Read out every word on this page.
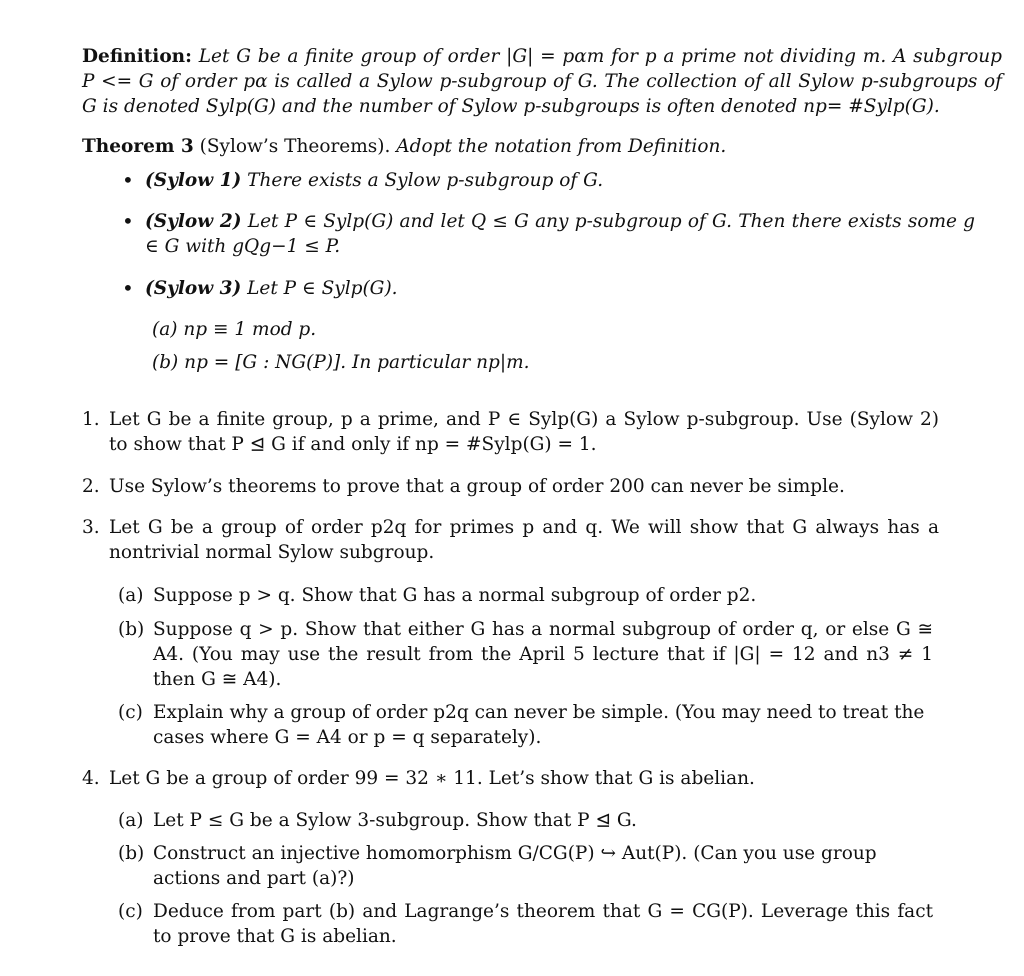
Definition: Let G be a finite group of order |G| = pαm for p a prime not dividing m. A subgroup P <= G of order pα is called a Sylow p-subgroup of G. The collection of all Sylow p-subgroups of G is denoted Sylp(G) and the number of Sylow p-subgroups is often denoted np= #Sylp(G).
Theorem 3 (Sylow’s Theorems). Adopt the notation from Definition.
• (Sylow 1) There exists a Sylow p-subgroup of G.
• (Sylow 2) Let P ∈ Sylp(G) and let Q ≤ G any p-subgroup of G. Then there exists some g ∈ G with gQg−1 ≤ P.
• (Sylow 3) Let P ∈ Sylp(G).
(a) np ≡ 1 mod p.
(b) np = [G : NG(P)]. In particular np|m.
1. Let G be a finite group, p a prime, and P ∈ Sylp(G) a Sylow p-subgroup. Use (Sylow 2) to show that P ⊴ G if and only if np = #Sylp(G) = 1.
2. Use Sylow’s theorems to prove that a group of order 200 can never be simple.
3. Let G be a group of order p2q for primes p and q. We will show that G always has a nontrivial normal Sylow subgroup.
(a) Suppose p > q. Show that G has a normal subgroup of order p2.
(b) Suppose q > p. Show that either G has a normal subgroup of order q, or else G ≅ A4. (You may use the result from the April 5 lecture that if |G| = 12 and n3 ≠ 1 then G ≅ A4).
(c) Explain why a group of order p2q can never be simple. (You may need to treat the cases where G = A4 or p = q separately).
4. Let G be a group of order 99 = 32 ∗ 11. Let’s show that G is abelian.
(a) Let P ≤ G be a Sylow 3-subgroup. Show that P ⊴ G.
(b) Construct an injective homomorphism G/CG(P) ↪ Aut(P). (Can you use group actions and part (a)?)
(c) Deduce from part (b) and Lagrange’s theorem that G = CG(P). Leverage this fact to prove that G is abelian.
